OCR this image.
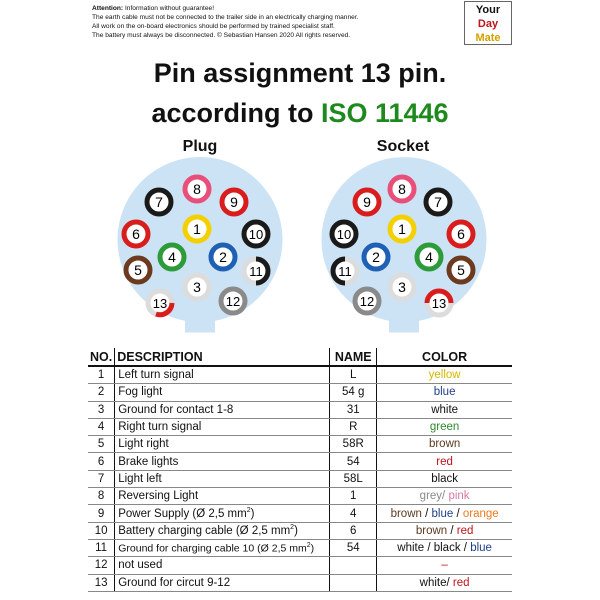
Attention: Information without guarantee!
The earth cable must not be connected to the trailer side in an electrically charging manner.
All work on the on-board electronics should be performed by trained specialist staff.
The battery must always be disconnected. © Sebastian Hansen 2020 All rights reserved.
Your
Day
Mate
Pin assignment 13 pin.
according to ISO 11446
Plug	Socket
8
7	9
1
6	10
4	2
5	11
3
13	12
8
9	7
1
10	6
2	4
11	5
3
12	13
NO.	DESCRIPTION	NAME	COLOR
1	Left turn signal	L	yellow
2	Fog light	54 g	blue
3	Ground for contact 1-8	31	white
4	Right turn signal	R	green
5	Light right	58R	brown
6	Brake lights	54	red
7	Light left	58L	black
8	Reversing Light	1	grey/ pink
9	Power Supply (Ø 2,5 $mm^2$)	4	brown / blue / orange
10	Battery charging cable (Ø 2,5 $mm^2$)	6	brown / red
11	Ground for charging cable 10 (Ø 2,5 $mm^2$)	54	white / black / blue
12	not used		–
13	Ground for circut 9-12		white/ red
